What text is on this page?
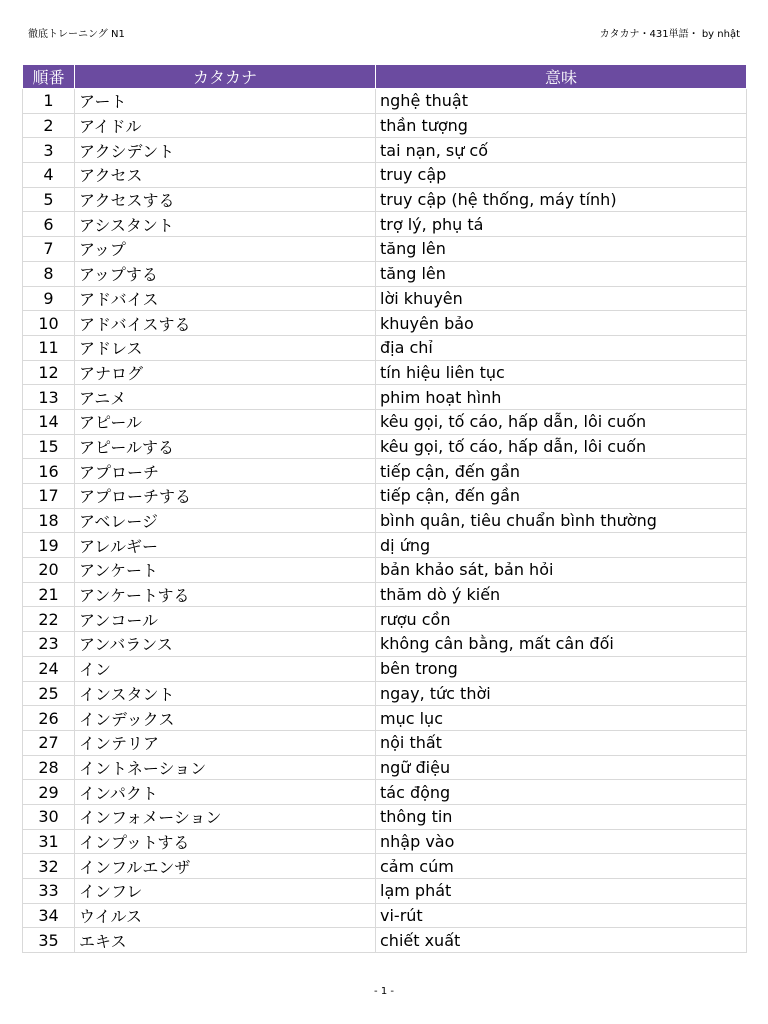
徹底トレーニング N1	カタカナ・431単語・ by nhật
順番	カタカナ	意味
1	アート	nghệ thuật
2	アイドル	thần tượng
3	アクシデント	tai nạn, sự cố
4	アクセス	truy cập
5	アクセスする	truy cập (hệ thống, máy tính)
6	アシスタント	trợ lý, phụ tá
7	アップ	tăng lên
8	アップする	tăng lên
9	アドバイス	lời khuyên
10	アドバイスする	khuyên bảo
11	アドレス	địa chỉ
12	アナログ	tín hiệu liên tục
13	アニメ	phim hoạt hình
14	アピール	kêu gọi, tố cáo, hấp dẫn, lôi cuốn
15	アピールする	kêu gọi, tố cáo, hấp dẫn, lôi cuốn
16	アプローチ	tiếp cận, đến gần
17	アプローチする	tiếp cận, đến gần
18	アベレージ	bình quân, tiêu chuẩn bình thường
19	アレルギー	dị ứng
20	アンケート	bản khảo sát, bản hỏi
21	アンケートする	thăm dò ý kiến
22	アンコール	rượu cồn
23	アンバランス	không cân bằng, mất cân đối
24	イン	bên trong
25	インスタント	ngay, tức thời
26	インデックス	mục lục
27	インテリア	nội thất
28	イントネーション	ngữ điệu
29	インパクト	tác động
30	インフォメーション	thông tin
31	インプットする	nhập vào
32	インフルエンザ	cảm cúm
33	インフレ	lạm phát
34	ウイルス	vi-rút
35	エキス	chiết xuất
- 1 -
